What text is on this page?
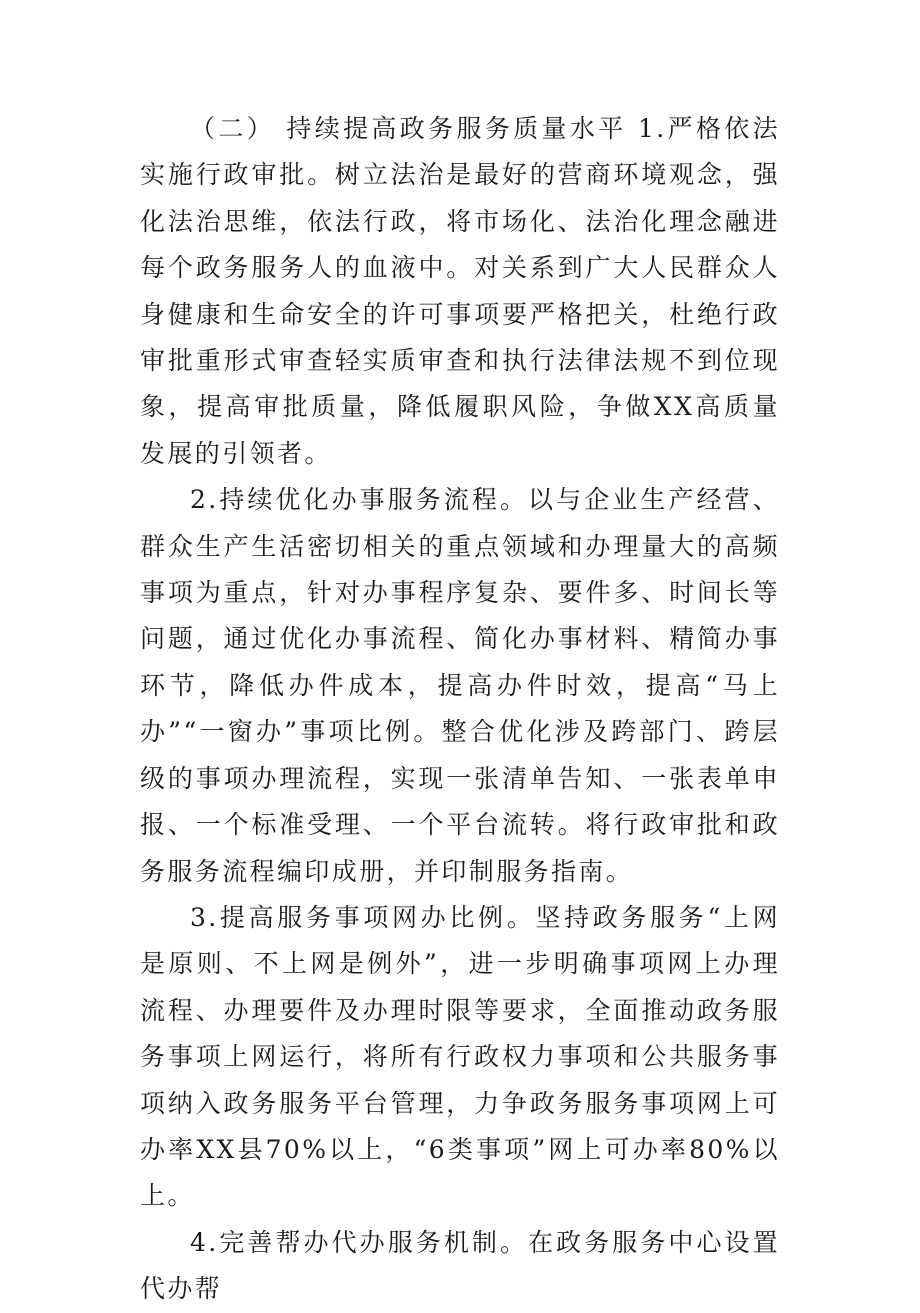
（二） 持续提高政务服务质量水平 1.严格依法实施行政审批。树立法治是最好的营商环境观念，强化法治思维，依法行政，将市场化、法治化理念融进每个政务服务人的血液中。对关系到广大人民群众人身健康和生命安全的许可事项要严格把关，杜绝行政审批重形式审查轻实质审查和执行法律法规不到位现象，提高审批质量，降低履职风险，争做XX高质量发展的引领者。

2.持续优化办事服务流程。以与企业生产经营、群众生产生活密切相关的重点领域和办理量大的高频事项为重点，针对办事程序复杂、要件多、时间长等问题，通过优化办事流程、简化办事材料、精简办事环节，降低办件成本，提高办件时效，提高“马上办”“一窗办”事项比例。整合优化涉及跨部门、跨层级的事项办理流程，实现一张清单告知、一张表单申报、一个标准受理、一个平台流转。将行政审批和政务服务流程编印成册，并印制服务指南。

3.提高服务事项网办比例。坚持政务服务“上网是原则、不上网是例外”，进一步明确事项网上办理流程、办理要件及办理时限等要求，全面推动政务服务事项上网运行，将所有行政权力事项和公共服务事项纳入政务服务平台管理，力争政务服务事项网上可办率XX县70%以上，“6类事项”网上可办率80%以上。

4.完善帮办代办服务机制。在政务服务中心设置代办帮
